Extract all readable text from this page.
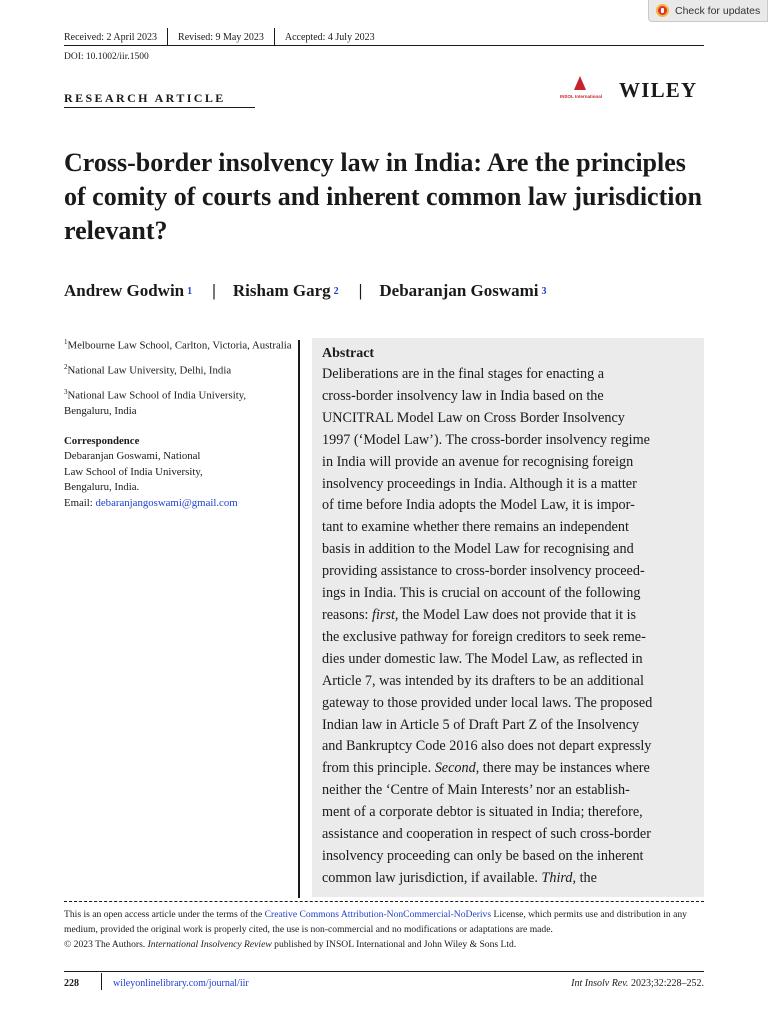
Check for updates
Received: 2 April 2023	Revised: 9 May 2023	Accepted: 4 July 2023
DOI: 10.1002/iir.1500
RESEARCH ARTICLE	INSOL International WILEY
Cross-border insolvency law in India: Are the principles of comity of courts and inherent common law jurisdiction relevant?
Andrew Godwin $^1$ | Risham Garg $^2$ | Debaranjan Goswami $^3$

$^1$Melbourne Law School, Carlton, Victoria, Australia

$^2$National Law University, Delhi, India

$^3$National Law School of India University, Bengaluru, India

Correspondence
Debaranjan Goswami, National
Law School of India University,
Bengaluru, India.
Email: debaranjangoswami@gmail.com
Abstract
Deliberations are in the final stages for enacting a
cross-border insolvency law in India based on the
UNCITRAL Model Law on Cross Border Insolvency
1997 (‘Model Law’). The cross-border insolvency regime
in India will provide an avenue for recognising foreign
insolvency proceedings in India. Although it is a matter
of time before India adopts the Model Law, it is impor-
tant to examine whether there remains an independent
basis in addition to the Model Law for recognising and
providing assistance to cross-border insolvency proceed-
ings in India. This is crucial on account of the following
reasons: first, the Model Law does not provide that it is
the exclusive pathway for foreign creditors to seek reme-
dies under domestic law. The Model Law, as reflected in
Article 7, was intended by its drafters to be an additional
gateway to those provided under local laws. The proposed
Indian law in Article 5 of Draft Part Z of the Insolvency
and Bankruptcy Code 2016 also does not depart expressly
from this principle. Second, there may be instances where
neither the ‘Centre of Main Interests’ nor an establish-
ment of a corporate debtor is situated in India; therefore,
assistance and cooperation in respect of such cross-border
insolvency proceeding can only be based on the inherent
common law jurisdiction, if available. Third, the
This is an open access article under the terms of the Creative Commons Attribution-NonCommercial-NoDerivs License, which permits use and distribution in any medium, provided the original work is properly cited, the use is non-commercial and no modifications or adaptations are made.
© 2023 The Authors. International Insolvency Review published by INSOL International and John Wiley & Sons Ltd.
228	wileyonlinelibrary.com/journal/iir	Int Insolv Rev. 2023;32:228–252.
